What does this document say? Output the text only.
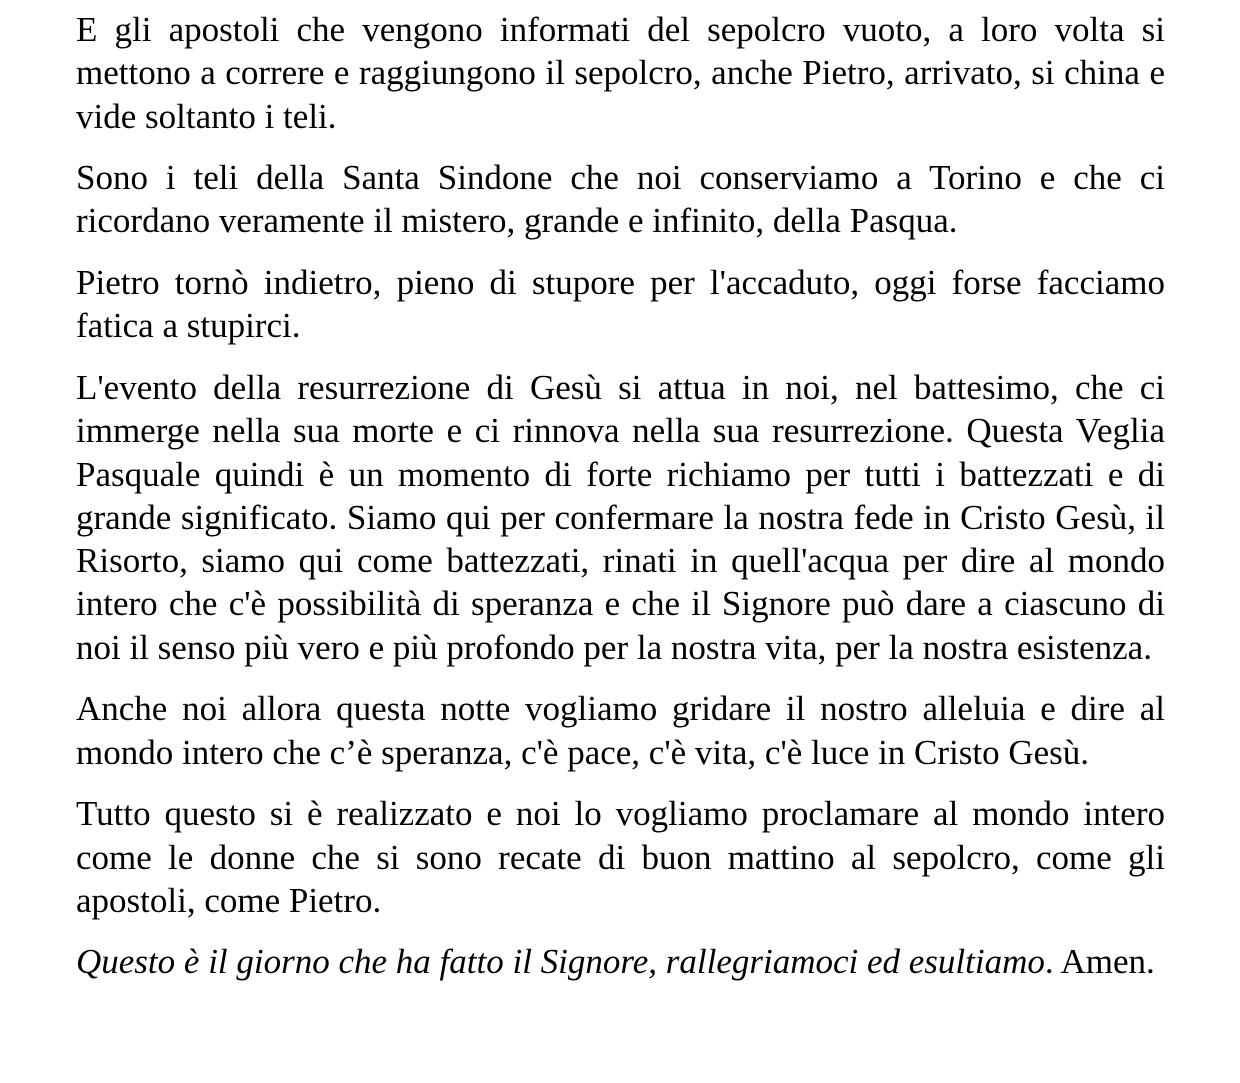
E gli apostoli che vengono informati del sepolcro vuoto, a loro volta si mettono a correre e raggiungono il sepolcro, anche Pietro, arrivato, si china e vide soltanto i teli.

Sono i teli della Santa Sindone che noi conserviamo a Torino e che ci ricordano veramente il mistero, grande e infinito, della Pasqua.

Pietro tornò indietro, pieno di stupore per l'accaduto, oggi forse facciamo fatica a stupirci.

L'evento della resurrezione di Gesù si attua in noi, nel battesimo, che ci immerge nella sua morte e ci rinnova nella sua resurrezione. Questa Veglia Pasquale quindi è un momento di forte richiamo per tutti i battezzati e di grande significato. Siamo qui per confermare la nostra fede in Cristo Gesù, il Risorto, siamo qui come battezzati, rinati in quell'acqua per dire al mondo intero che c'è possibilità di speranza e che il Signore può dare a ciascuno di noi il senso più vero e più profondo per la nostra vita, per la nostra esistenza.

Anche noi allora questa notte vogliamo gridare il nostro alleluia e dire al mondo intero che c’è speranza, c'è pace, c'è vita, c'è luce in Cristo Gesù.

Tutto questo si è realizzato e noi lo vogliamo proclamare al mondo intero come le donne che si sono recate di buon mattino al sepolcro, come gli apostoli, come Pietro.

Questo è il giorno che ha fatto il Signore, rallegriamoci ed esultiamo. Amen.
